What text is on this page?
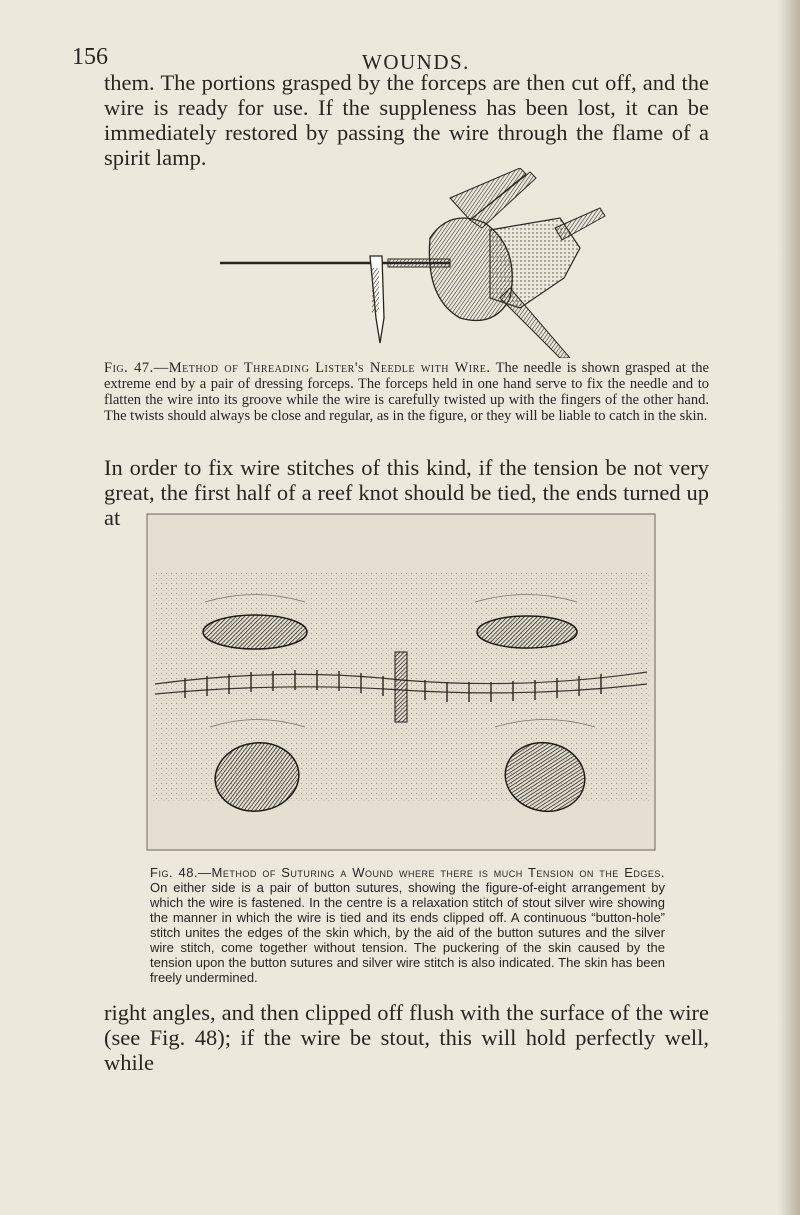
156	WOUNDS.

them. The portions grasped by the forceps are then cut off, and the wire is ready for use. If the suppleness has been lost, it can be immediately restored by passing the wire through the flame of a spirit lamp.

Fig. 47.—Method of Threading Lister's Needle with Wire. The needle is shown grasped at the extreme end by a pair of dressing forceps. The forceps held in one hand serve to fix the needle and to flatten the wire into its groove while the wire is carefully twisted up with the fingers of the other hand. The twists should always be close and regular, as in the figure, or they will be liable to catch in the skin.

In order to fix wire stitches of this kind, if the tension be not very great, the first half of a reef knot should be tied, the ends turned up at

Fig. 48.—Method of Suturing a Wound where there is much Tension on the Edges. On either side is a pair of button sutures, showing the figure-of-eight arrangement by which the wire is fastened. In the centre is a relaxation stitch of stout silver wire showing the manner in which the wire is tied and its ends clipped off. A continuous “button-hole” stitch unites the edges of the skin which, by the aid of the button sutures and the silver wire stitch, come together without tension. The puckering of the skin caused by the tension upon the button sutures and silver wire stitch is also indicated. The skin has been freely undermined.

right angles, and then clipped off flush with the surface of the wire (see Fig. 48); if the wire be stout, this will hold perfectly well, while
